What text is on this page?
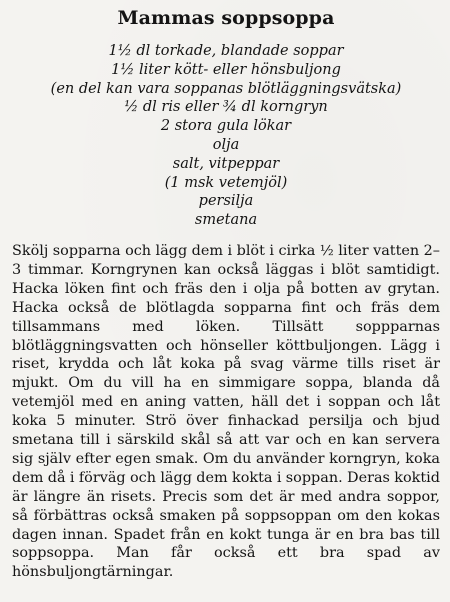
Mammas soppsoppa
1½ dl torkade, blandade soppar
1½ liter kött- eller hönsbuljong
(en del kan vara soppanas blötläggningsvätska)
½ dl ris eller ¾ dl korngryn
2 stora gula lökar
olja
salt, vitpeppar
(1 msk vetemjöl)
persilja
smetana

Skölj sopparna och lägg dem i blöt i cirka ½ liter vatten 2–3 timmar. Korngrynen kan också läggas i blöt samtidigt. Hacka löken fint och fräs den i olja på botten av grytan. Hacka också de blötlagda sopparna fint och fräs dem tillsammans med löken. Tillsätt soppparnas blötläggningsvatten och hönseller köttbuljongen. Lägg i riset, krydda och låt koka på svag värme tills riset är mjukt. Om du vill ha en simmigare soppa, blanda då vetemjöl med en aning vatten, häll det i soppan och låt koka 5 minuter. Strö över finhackad persilja och bjud smetana till i särskild skål så att var och en kan servera sig själv efter egen smak. Om du använder korngryn, koka dem då i förväg och lägg dem kokta i soppan. Deras koktid är längre än risets. Precis som det är med andra soppor, så förbättras också smaken på soppsoppan om den kokas dagen innan. Spadet från en kokt tunga är en bra bas till soppsoppa. Man får också ett bra spad av hönsbuljongtärningar.
